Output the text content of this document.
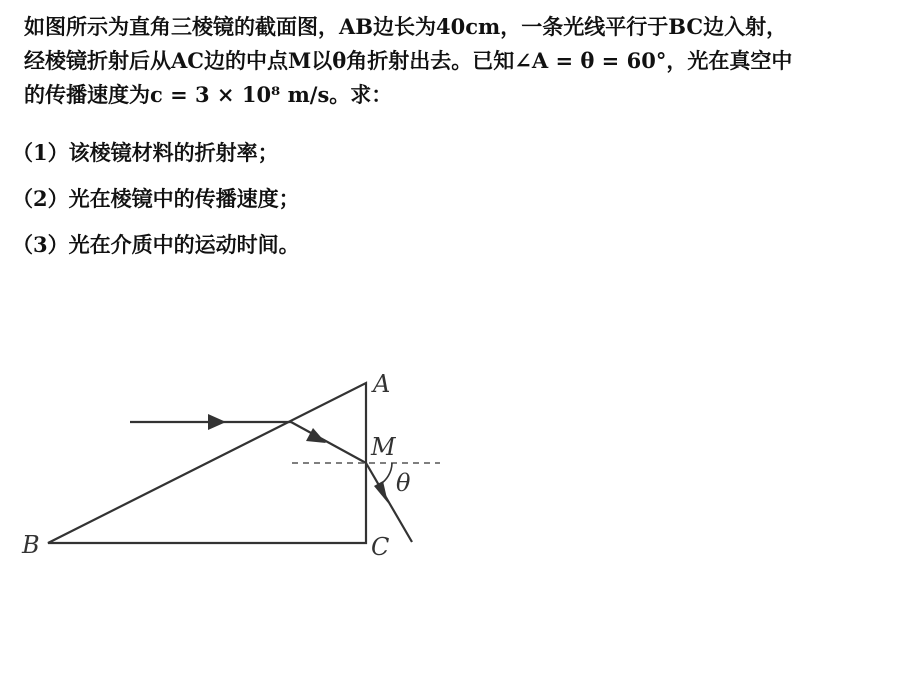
如图所示为直角三棱镜的截面图，AB边长为40cm，一条光线平行于BC边入射，
经棱镜折射后从AC边的中点M以θ角折射出去。已知∠A = θ = 60°，光在真空中
的传播速度为c = 3 × 10⁸ m/s。求：
（1）该棱镜材料的折射率；
（2）光在棱镜中的传播速度；
（3）光在介质中的运动时间。
A
B	C
M
θ
